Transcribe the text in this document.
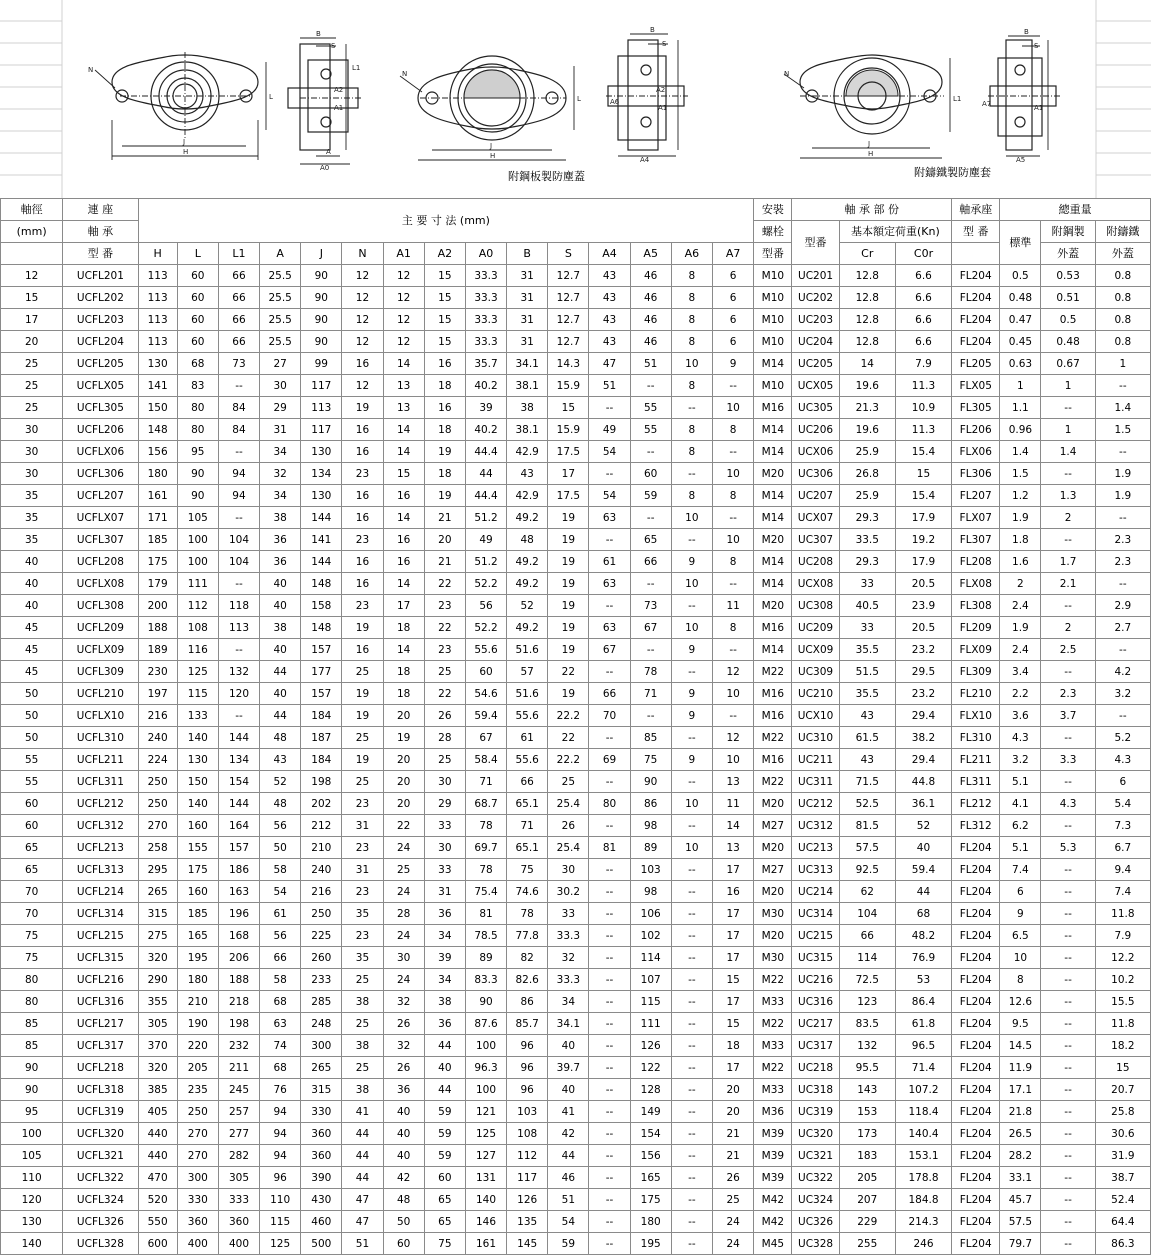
N
J
H
L
B
S
A2
A1
A
A0
L1
N
J
H
L
附鋼板製防塵蓋
B
S
A2
A6
A1
A4
N
J
H
L1
附鑄鐵製防塵套
B
S
A7	A1
A5
軸徑	連 座	主 要 寸 法 (mm)															安裝	軸 承 部 份			軸承座	總重量		
(mm)	軸 承																螺栓	型番	基本額定荷重(Kn)		型 番	標準	附鋼製	附鑄鐵
	型 番	H	L	L1	A	J	N	A1	A2	A0	B	S	A4	A5	A6	A7	型番		Cr	C0r			外蓋	外蓋
12	UCFL201	113	60	66	25.5	90	12	12	15	33.3	31	12.7	43	46	8	6	M10	UC201	12.8	6.6	FL204	0.5	0.53	0.8
15	UCFL202	113	60	66	25.5	90	12	12	15	33.3	31	12.7	43	46	8	6	M10	UC202	12.8	6.6	FL204	0.48	0.51	0.8
17	UCFL203	113	60	66	25.5	90	12	12	15	33.3	31	12.7	43	46	8	6	M10	UC203	12.8	6.6	FL204	0.47	0.5	0.8
20	UCFL204	113	60	66	25.5	90	12	12	15	33.3	31	12.7	43	46	8	6	M10	UC204	12.8	6.6	FL204	0.45	0.48	0.8
25	UCFL205	130	68	73	27	99	16	14	16	35.7	34.1	14.3	47	51	10	9	M14	UC205	14	7.9	FL205	0.63	0.67	1
25	UCFLX05	141	83	--	30	117	12	13	18	40.2	38.1	15.9	51	--	8	--	M10	UCX05	19.6	11.3	FLX05	1	1	--
25	UCFL305	150	80	84	29	113	19	13	16	39	38	15	--	55	--	10	M16	UC305	21.3	10.9	FL305	1.1	--	1.4
30	UCFL206	148	80	84	31	117	16	14	18	40.2	38.1	15.9	49	55	8	8	M14	UC206	19.6	11.3	FL206	0.96	1	1.5
30	UCFLX06	156	95	--	34	130	16	14	19	44.4	42.9	17.5	54	--	8	--	M14	UCX06	25.9	15.4	FLX06	1.4	1.4	--
30	UCFL306	180	90	94	32	134	23	15	18	44	43	17	--	60	--	10	M20	UC306	26.8	15	FL306	1.5	--	1.9
35	UCFL207	161	90	94	34	130	16	16	19	44.4	42.9	17.5	54	59	8	8	M14	UC207	25.9	15.4	FL207	1.2	1.3	1.9
35	UCFLX07	171	105	--	38	144	16	14	21	51.2	49.2	19	63	--	10	--	M14	UCX07	29.3	17.9	FLX07	1.9	2	--
35	UCFL307	185	100	104	36	141	23	16	20	49	48	19	--	65	--	10	M20	UC307	33.5	19.2	FL307	1.8	--	2.3
40	UCFL208	175	100	104	36	144	16	16	21	51.2	49.2	19	61	66	9	8	M14	UC208	29.3	17.9	FL208	1.6	1.7	2.3
40	UCFLX08	179	111	--	40	148	16	14	22	52.2	49.2	19	63	--	10	--	M14	UCX08	33	20.5	FLX08	2	2.1	--
40	UCFL308	200	112	118	40	158	23	17	23	56	52	19	--	73	--	11	M20	UC308	40.5	23.9	FL308	2.4	--	2.9
45	UCFL209	188	108	113	38	148	19	18	22	52.2	49.2	19	63	67	10	8	M16	UC209	33	20.5	FL209	1.9	2	2.7
45	UCFLX09	189	116	--	40	157	16	14	23	55.6	51.6	19	67	--	9	--	M14	UCX09	35.5	23.2	FLX09	2.4	2.5	--
45	UCFL309	230	125	132	44	177	25	18	25	60	57	22	--	78	--	12	M22	UC309	51.5	29.5	FL309	3.4	--	4.2
50	UCFL210	197	115	120	40	157	19	18	22	54.6	51.6	19	66	71	9	10	M16	UC210	35.5	23.2	FL210	2.2	2.3	3.2
50	UCFLX10	216	133	--	44	184	19	20	26	59.4	55.6	22.2	70	--	9	--	M16	UCX10	43	29.4	FLX10	3.6	3.7	--
50	UCFL310	240	140	144	48	187	25	19	28	67	61	22	--	85	--	12	M22	UC310	61.5	38.2	FL310	4.3	--	5.2
55	UCFL211	224	130	134	43	184	19	20	25	58.4	55.6	22.2	69	75	9	10	M16	UC211	43	29.4	FL211	3.2	3.3	4.3
55	UCFL311	250	150	154	52	198	25	20	30	71	66	25	--	90	--	13	M22	UC311	71.5	44.8	FL311	5.1	--	6
60	UCFL212	250	140	144	48	202	23	20	29	68.7	65.1	25.4	80	86	10	11	M20	UC212	52.5	36.1	FL212	4.1	4.3	5.4
60	UCFL312	270	160	164	56	212	31	22	33	78	71	26	--	98	--	14	M27	UC312	81.5	52	FL312	6.2	--	7.3
65	UCFL213	258	155	157	50	210	23	24	30	69.7	65.1	25.4	81	89	10	13	M20	UC213	57.5	40	FL204	5.1	5.3	6.7
65	UCFL313	295	175	186	58	240	31	25	33	78	75	30	--	103	--	17	M27	UC313	92.5	59.4	FL204	7.4	--	9.4
70	UCFL214	265	160	163	54	216	23	24	31	75.4	74.6	30.2	--	98	--	16	M20	UC214	62	44	FL204	6	--	7.4
70	UCFL314	315	185	196	61	250	35	28	36	81	78	33	--	106	--	17	M30	UC314	104	68	FL204	9	--	11.8
75	UCFL215	275	165	168	56	225	23	24	34	78.5	77.8	33.3	--	102	--	17	M20	UC215	66	48.2	FL204	6.5	--	7.9
75	UCFL315	320	195	206	66	260	35	30	39	89	82	32	--	114	--	17	M30	UC315	114	76.9	FL204	10	--	12.2
80	UCFL216	290	180	188	58	233	25	24	34	83.3	82.6	33.3	--	107	--	15	M22	UC216	72.5	53	FL204	8	--	10.2
80	UCFL316	355	210	218	68	285	38	32	38	90	86	34	--	115	--	17	M33	UC316	123	86.4	FL204	12.6	--	15.5
85	UCFL217	305	190	198	63	248	25	26	36	87.6	85.7	34.1	--	111	--	15	M22	UC217	83.5	61.8	FL204	9.5	--	11.8
85	UCFL317	370	220	232	74	300	38	32	44	100	96	40	--	126	--	18	M33	UC317	132	96.5	FL204	14.5	--	18.2
90	UCFL218	320	205	211	68	265	25	26	40	96.3	96	39.7	--	122	--	17	M22	UC218	95.5	71.4	FL204	11.9	--	15
90	UCFL318	385	235	245	76	315	38	36	44	100	96	40	--	128	--	20	M33	UC318	143	107.2	FL204	17.1	--	20.7
95	UCFL319	405	250	257	94	330	41	40	59	121	103	41	--	149	--	20	M36	UC319	153	118.4	FL204	21.8	--	25.8
100	UCFL320	440	270	277	94	360	44	40	59	125	108	42	--	154	--	21	M39	UC320	173	140.4	FL204	26.5	--	30.6
105	UCFL321	440	270	282	94	360	44	40	59	127	112	44	--	156	--	21	M39	UC321	183	153.1	FL204	28.2	--	31.9
110	UCFL322	470	300	305	96	390	44	42	60	131	117	46	--	165	--	26	M39	UC322	205	178.8	FL204	33.1	--	38.7
120	UCFL324	520	330	333	110	430	47	48	65	140	126	51	--	175	--	25	M42	UC324	207	184.8	FL204	45.7	--	52.4
130	UCFL326	550	360	360	115	460	47	50	65	146	135	54	--	180	--	24	M42	UC326	229	214.3	FL204	57.5	--	64.4
140	UCFL328	600	400	400	125	500	51	60	75	161	145	59	--	195	--	24	M45	UC328	255	246	FL204	79.7	--	86.3
